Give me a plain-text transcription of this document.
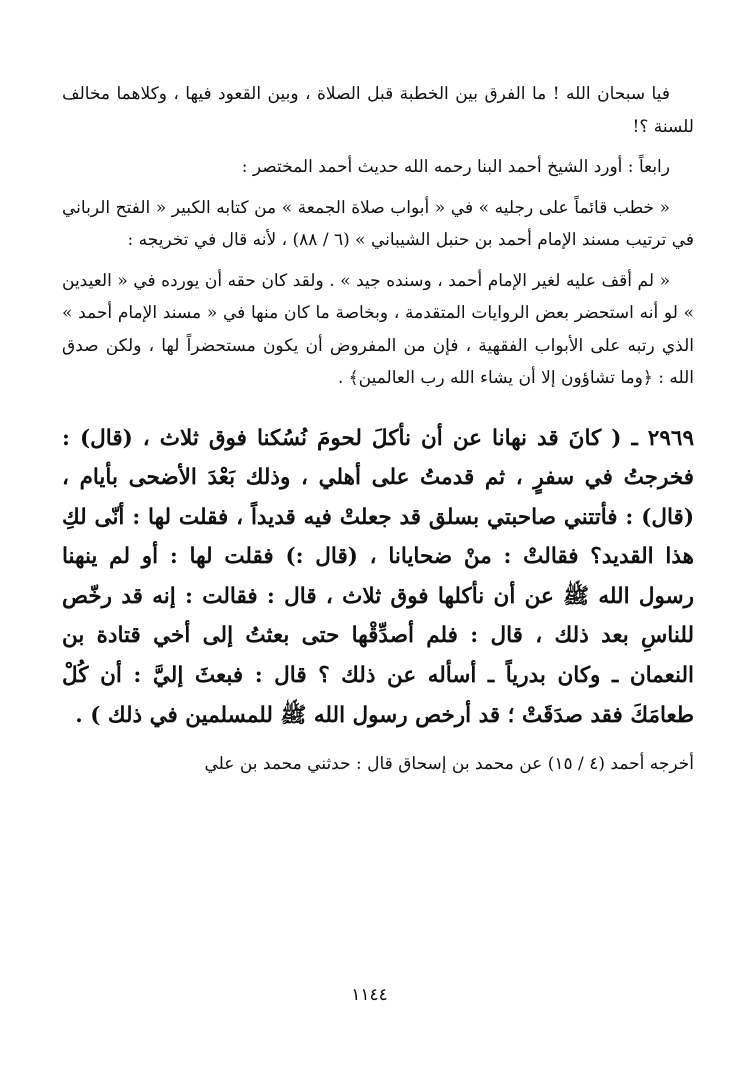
فيا سبحان الله ! ما الفرق بين الخطبة قبل الصلاة ، وبين القعود فيها ، وكلاهما مخالف للسنة ؟!

رابعاً : أورد الشيخ أحمد البنا رحمه الله حديث أحمد المختصر :

« خطب قائماً على رجليه » في « أبواب صلاة الجمعة » من كتابه الكبير « الفتح الرباني في ترتيب مسند الإمام أحمد بن حنبل الشيباني » (٦ / ٨٨) ، لأنه قال في تخريجه :

« لم أقف عليه لغير الإمام أحمد ، وسنده جيد » . ولقد كان حقه أن يورده في « العيدين » لو أنه استحضر بعض الروايات المتقدمة ، وبخاصة ما كان منها في « مسند الإمام أحمد » الذي رتبه على الأبواب الفقهية ، فإن من المفروض أن يكون مستحضراً لها ، ولكن صدق الله : ﴿وما تشاؤون إلا أن يشاء الله رب العالمين﴾ .

٢٩٦٩ ـ ( كانَ قد نهانا عن أن نأكلَ لحومَ نُسُكنا فوق ثلاث ، (قال) : فخرجتُ في سفرٍ ، ثم قدمتُ على أهلي ، وذلك بَعْدَ الأضحى بأيام ، (قال) : فأتتني صاحبتي بسلق قد جعلتْ فيه قديداً ، فقلت لها : أنّى لكِ هذا القديد؟ فقالتْ : منْ ضحايانا ، (قال :) فقلت لها : أو لم ينهنا رسول الله ﷺ عن أن نأكلها فوق ثلاث ، قال : فقالت : إنه قد رخّص للناسِ بعد ذلك ، قال : فلم أصدِّقْها حتى بعثتُ إلى أخي قتادة بن النعمان ـ وكان بدرياً ـ أسأله عن ذلك ؟ قال : فبعثَ إليَّ : أن كُلْ طعامَكَ فقد صدَقَتْ ؛ قد أرخص رسول الله ﷺ للمسلمين في ذلك ) .

أخرجه أحمد (٤ / ١٥) عن محمد بن إسحاق قال : حدثني محمد بن علي

١١٤٤
